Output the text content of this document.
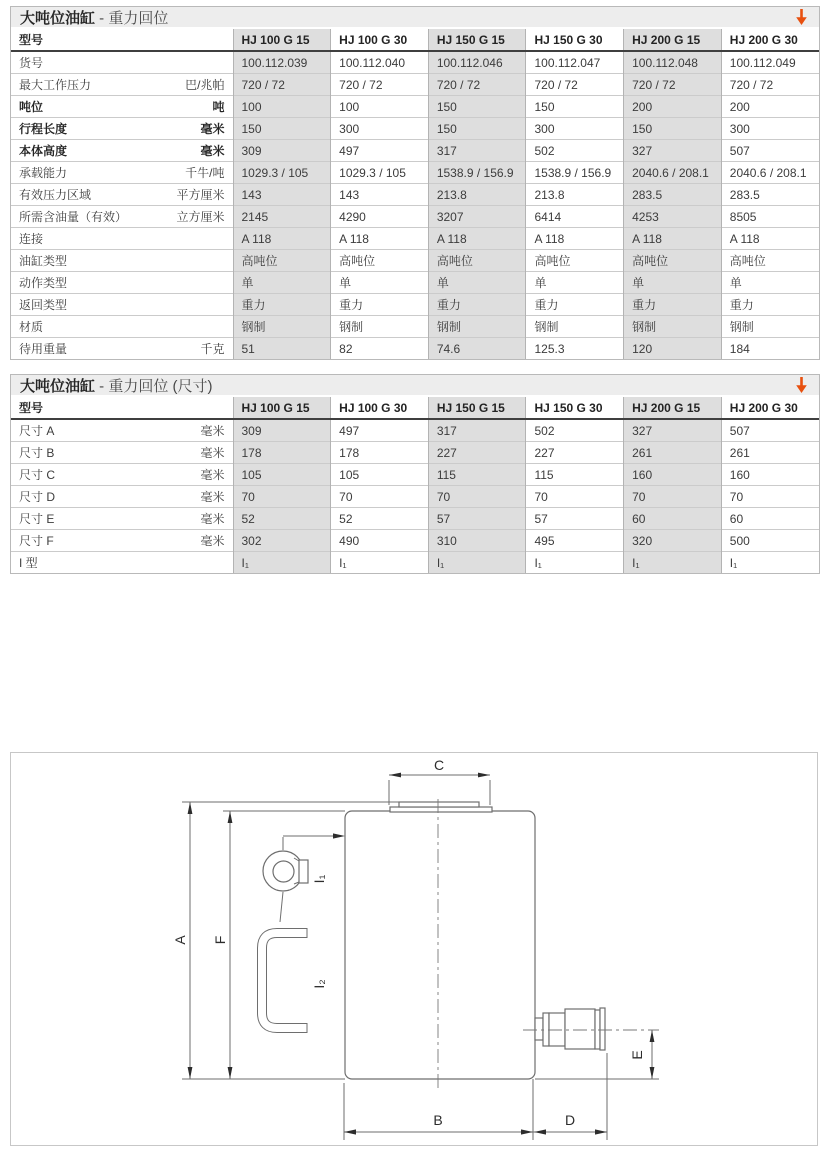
大吨位油缸 - 重力回位
型号	HJ 100 G 15	HJ 100 G 30	HJ 150 G 15	HJ 150 G 30	HJ 200 G 15	HJ 200 G 30

货号	100.112.039	100.112.040	100.112.046	100.112.047	100.112.048	100.112.049

最大工作压力 巴/兆帕	720 / 72	720 / 72	720 / 72	720 / 72	720 / 72	720 / 72

吨位 吨	100	100	150	150	200	200

行程长度 毫米	150	300	150	300	150	300

本体高度 毫米	309	497	317	502	327	507

承载能力 千牛/吨	1029.3 / 105	1029.3 / 105	1538.9 / 156.9	1538.9 / 156.9	2040.6 / 208.1	2040.6 / 208.1

有效压力区域 平方厘米	143	143	213.8	213.8	283.5	283.5

所需含油量（有效） 立方厘米	2145	4290	3207	6414	4253	8505

连接	A 118	A 118	A 118	A 118	A 118	A 118

油缸类型	高吨位	高吨位	高吨位	高吨位	高吨位	高吨位

动作类型	单	单	单	单	单	单

返回类型	重力	重力	重力	重力	重力	重力

材质	钢制	钢制	钢制	钢制	钢制	钢制

待用重量 千克	51	82	74.6	125.3	120	184
大吨位油缸 - 重力回位 (尺寸)
型号	HJ 100 G 15	HJ 100 G 30	HJ 150 G 15	HJ 150 G 30	HJ 200 G 15	HJ 200 G 30

尺寸 A 毫米	309	497	317	502	327	507

尺寸 B 毫米	178	178	227	227	261	261

尺寸 C 毫米	105	105	115	115	160	160

尺寸 D 毫米	70	70	70	70	70	70

尺寸 E 毫米	52	52	57	57	60	60

尺寸 F 毫米	302	490	310	495	320	500

I 型	I₁	I₁	I₁	I₁	I₁	I₁
C
A F
I₁
I₂
E
B	D
